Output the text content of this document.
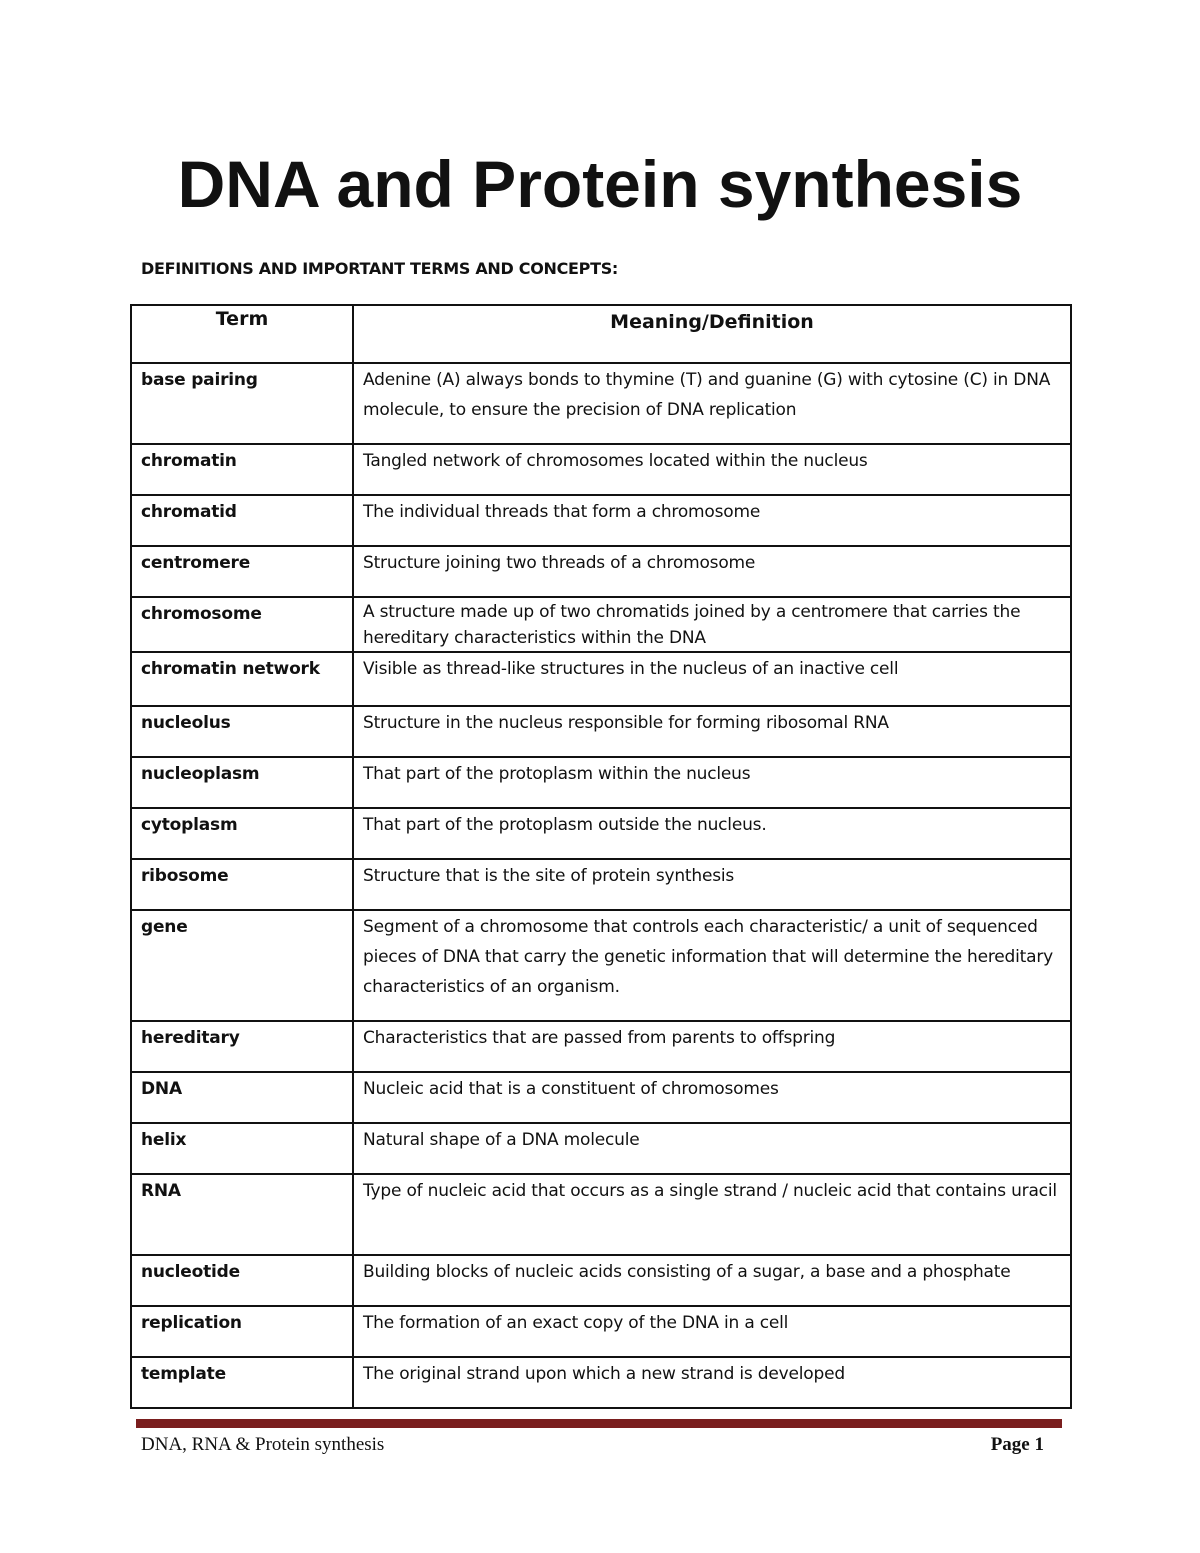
DNA and Protein synthesis
DEFINITIONS AND IMPORTANT TERMS AND CONCEPTS:
Term	Meaning/Definition
base pairing	Adenine (A) always bonds to thymine (T) and guanine (G) with cytosine (C) in DNA molecule, to ensure the precision of DNA replication
chromatin	Tangled network of chromosomes located within the nucleus
chromatid	The individual threads that form a chromosome
centromere	Structure joining two threads of a chromosome
chromosome	A structure made up of two chromatids joined by a centromere that carries the hereditary characteristics within the DNA
chromatin network	Visible as thread-like structures in the nucleus of an inactive cell
nucleolus	Structure in the nucleus responsible for forming ribosomal RNA
nucleoplasm	That part of the protoplasm within the nucleus
cytoplasm	That part of the protoplasm outside the nucleus.
ribosome	Structure that is the site of protein synthesis
gene	Segment of a chromosome that controls each characteristic/ a unit of sequenced pieces of DNA that carry the genetic information that will determine the hereditary characteristics of an organism.
hereditary	Characteristics that are passed from parents to offspring
DNA	Nucleic acid that is a constituent of chromosomes
helix	Natural shape of a DNA molecule
RNA	Type of nucleic acid that occurs as a single strand / nucleic acid that contains uracil
nucleotide	Building blocks of nucleic acids consisting of a sugar, a base and a phosphate
replication	The formation of an exact copy of the DNA in a cell
template	The original strand upon which a new strand is developed
DNA, RNA & Protein synthesis	Page 1
